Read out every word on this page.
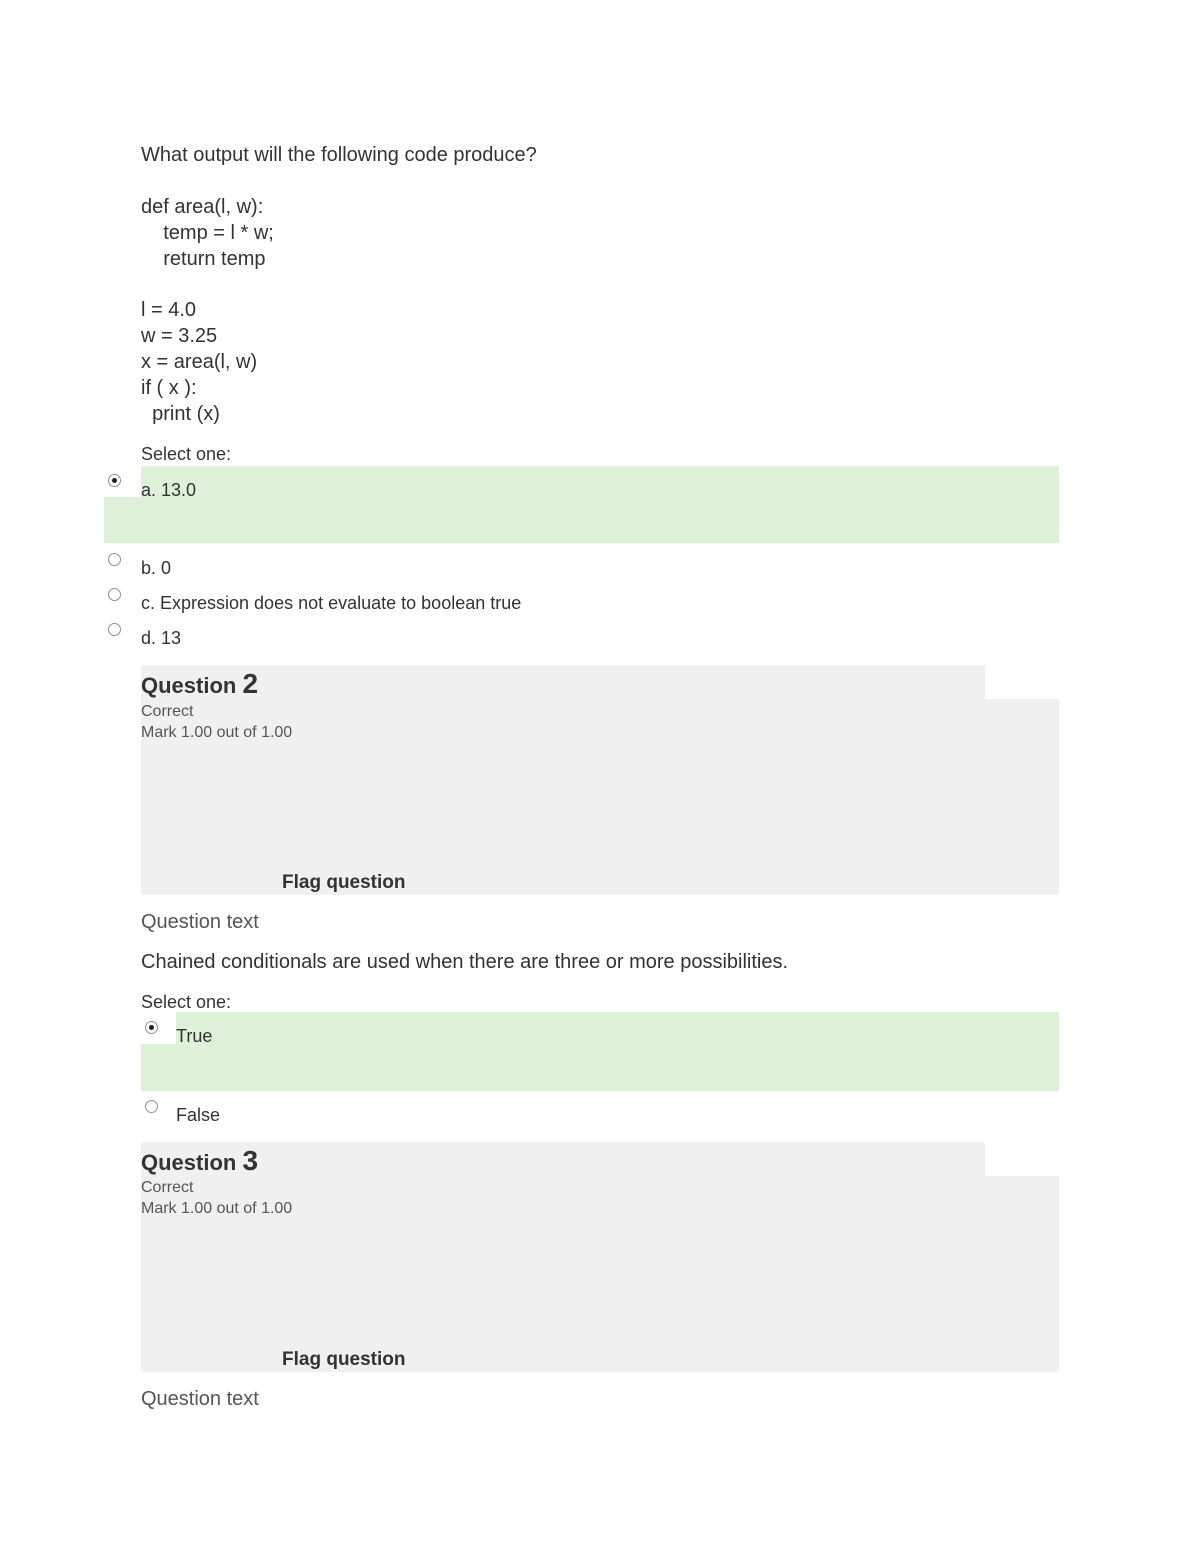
What output will the following code produce?
def area(l, w):
temp = l * w;
return temp
l = 4.0
w = 3.25
x = area(l, w)
if ( x ):
print (x)
Select one:
a. 13.0
b. 0
c. Expression does not evaluate to boolean true
d. 13
Question 2
Correct
Mark 1.00 out of 1.00
Flag question
Question text
Chained conditionals are used when there are three or more possibilities.
Select one:
True
False
Question 3
Correct
Mark 1.00 out of 1.00
Flag question
Question text
